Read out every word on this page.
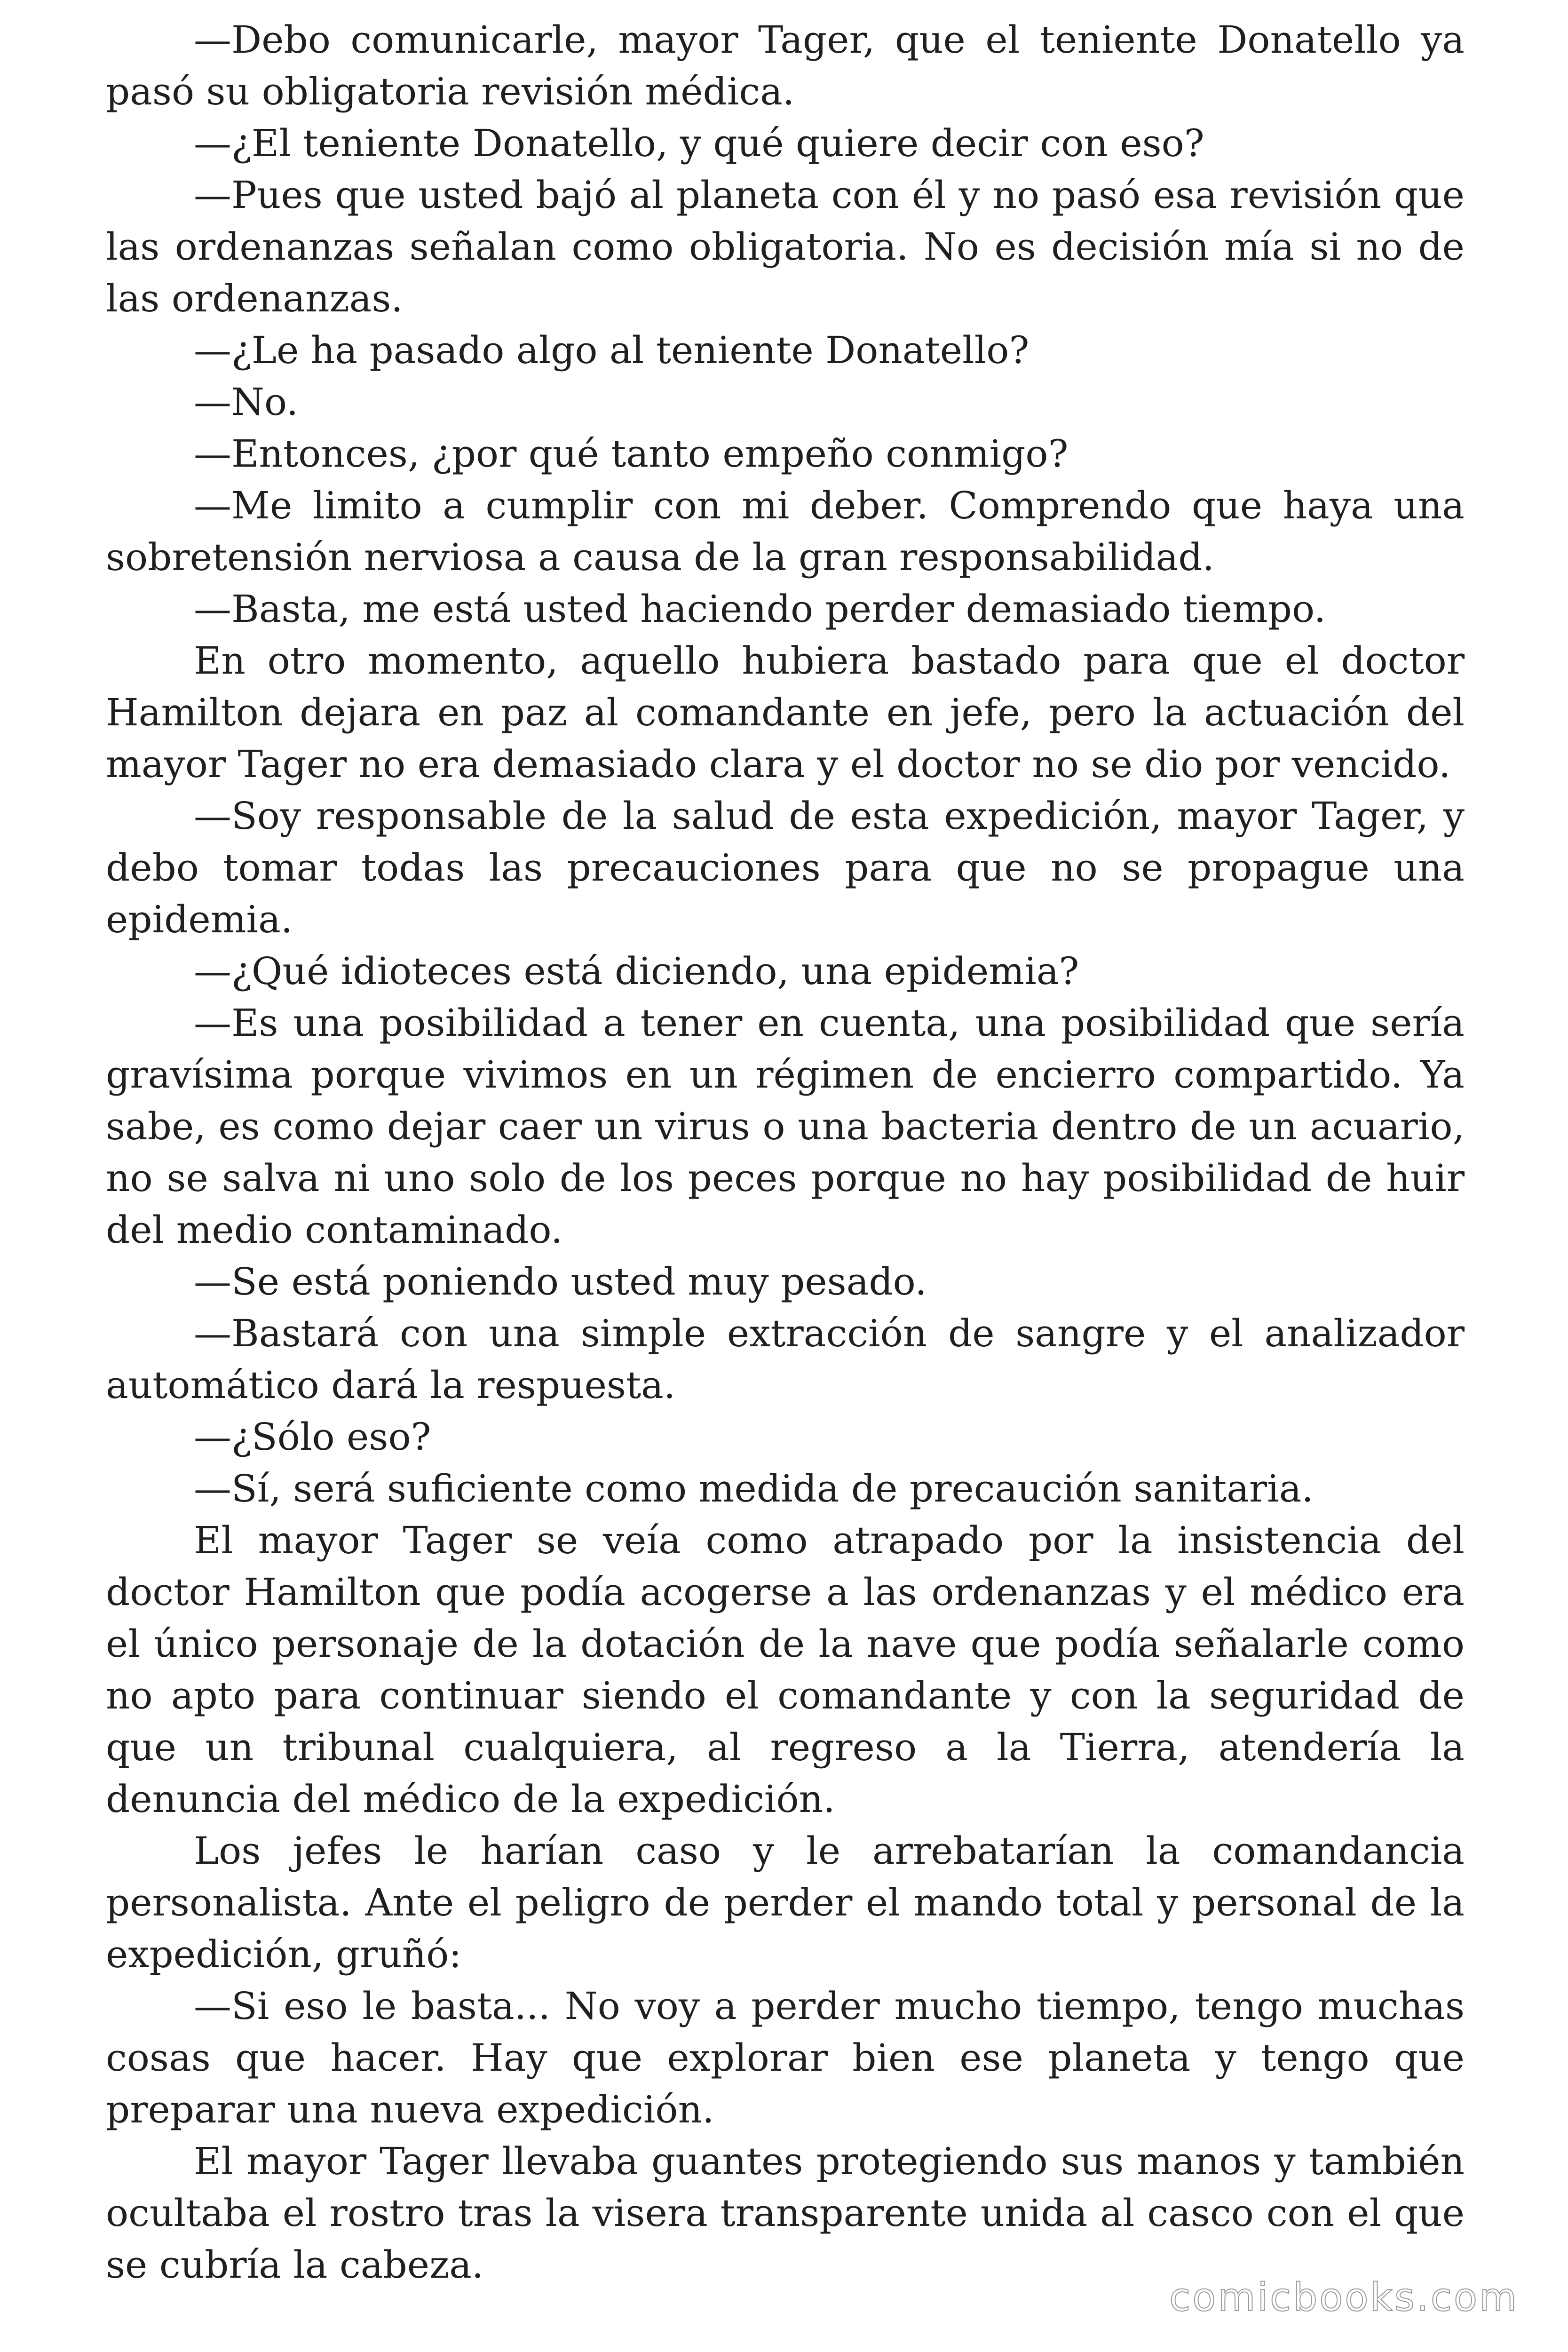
—Debo comunicarle, mayor Tager, que el teniente Donatello ya pasó su obligatoria revisión médica.

—¿El teniente Donatello, y qué quiere decir con eso?

—Pues que usted bajó al planeta con él y no pasó esa revisión que las ordenanzas señalan como obligatoria. No es decisión mía si no de las ordenanzas.

—¿Le ha pasado algo al teniente Donatello?

—No.

—Entonces, ¿por qué tanto empeño conmigo?

—Me limito a cumplir con mi deber. Comprendo que haya una sobretensión nerviosa a causa de la gran responsabilidad.

—Basta, me está usted haciendo perder demasiado tiempo.

En otro momento, aquello hubiera bastado para que el doctor Hamilton dejara en paz al comandante en jefe, pero la actuación del mayor Tager no era demasiado clara y el doctor no se dio por vencido.

—Soy responsable de la salud de esta expedición, mayor Tager, y debo tomar todas las precauciones para que no se propague una epidemia.

—¿Qué idioteces está diciendo, una epidemia?

—Es una posibilidad a tener en cuenta, una posibilidad que sería gravísima porque vivimos en un régimen de encierro compartido. Ya sabe, es como dejar caer un virus o una bacteria dentro de un acuario, no se salva ni uno solo de los peces porque no hay posibilidad de huir del medio contaminado.

—Se está poniendo usted muy pesado.

—Bastará con una simple extracción de sangre y el analizador automático dará la respuesta.

—¿Sólo eso?

—Sí, será suficiente como medida de precaución sanitaria.

El mayor Tager se veía como atrapado por la insistencia del doctor Hamilton que podía acogerse a las ordenanzas y el médico era el único personaje de la dotación de la nave que podía señalarle como no apto para continuar siendo el comandante y con la seguridad de que un tribunal cualquiera, al regreso a la Tierra, atendería la denuncia del médico de la expedición.

Los jefes le harían caso y le arrebatarían la comandancia personalista. Ante el peligro de perder el mando total y personal de la expedición, gruñó:

—Si eso le basta... No voy a perder mucho tiempo, tengo muchas cosas que hacer. Hay que explorar bien ese planeta y tengo que preparar una nueva expedición.

El mayor Tager llevaba guantes protegiendo sus manos y también ocultaba el rostro tras la visera transparente unida al casco con el que se cubría la cabeza.

comicbooks.com
